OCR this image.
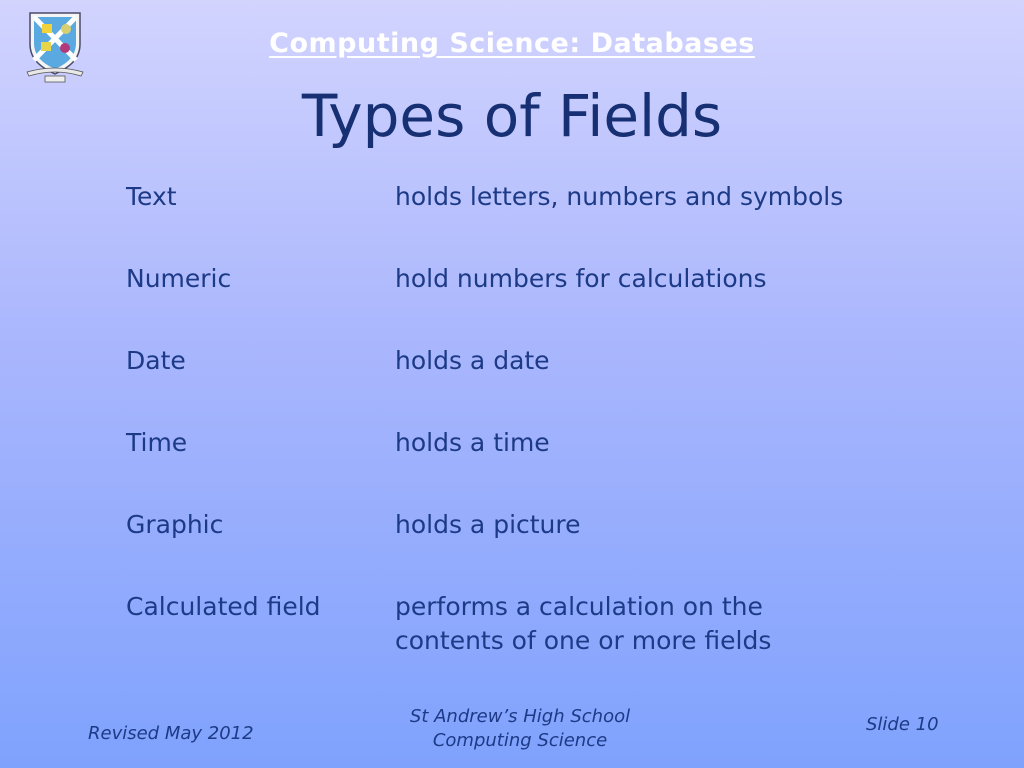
Computing Science: Databases
Types of Fields
Text	holds letters, numbers and symbols
Numeric	hold numbers for calculations
Date	holds a date
Time	holds a time
Graphic	holds a picture
Calculated field	performs a calculation on the contents of one or more fields
Revised May 2012
St Andrew’s High School
Computing Science
Slide 10
